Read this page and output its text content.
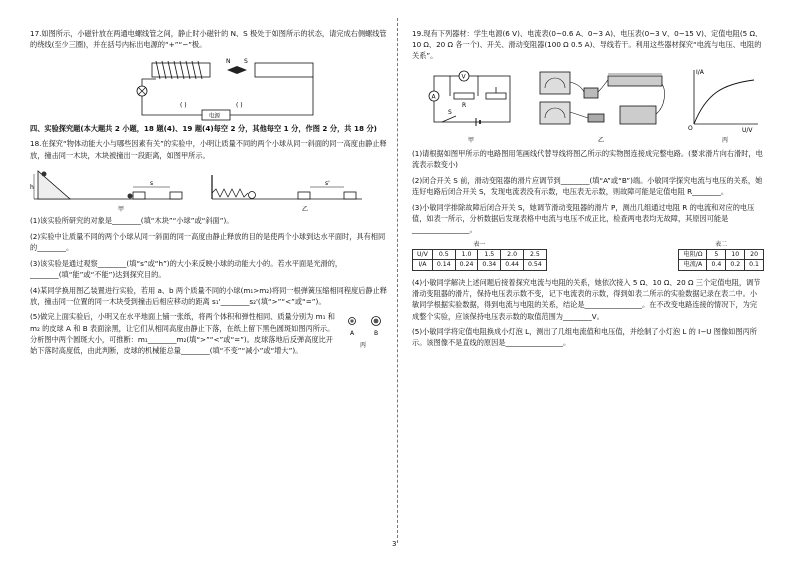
17.如图所示，小磁针放在两通电螺线管之间，静止时小磁针的 N、S 极处于如图所示的状态，请完成右侧螺线管的绕线(至少三圈)，并在括号内标出电源的“+”“−”极。

N S
电源
( )	( )

四、实验探究题(本大题共 2 小题，18 题(4)、19 题(4)每空 2 分，其他每空 1 分，作图 2 分，共 18 分)

18.在探究“物体动能大小与哪些因素有关”的实验中，小明让质量不同的两个小球从同一斜面的同一高度由静止释放，撞击同一木块，木块被撞出一段距离，如图甲所示。

h
s
甲
s'
乙

(1)该实验所研究的对象是________(填“木块”“小球”或“斜面”)。

(2)实验中让质量不同的两个小球从同一斜面的同一高度由静止释放的目的是使两个小球到达水平面时，具有相同的________。

(3)该实验是通过观察________(填“s”或“h”)的大小来反映小球的动能大小的。若水平面是光滑的，________(填“能”或“不能”)达到探究目的。

(4)某同学换用图乙装置进行实验，若用 a、b 两个质量不同的小球(m₁>m₂)将同一根弹簧压缩相同程度后静止释放，撞击同一位置的同一木块受到撞击后相应移动的距离 s₁'________s₂'(填“>”“<”或“=”)。

(5)做完上面实验后，小明又在水平地面上铺一张纸，将两个体积和弹性相同、质量分别为 m₁ 和 m₂ 的皮球 A 和 B 表面涂黑，让它们从相同高度由静止下落，在纸上留下黑色圆斑如图丙所示。分析图中两个圆斑大小，可推断：m₁________m₂(填“>”“<”或“=”)。皮球落地后反弹高度比开始下落时高度低，由此判断，皮球的机械能总量________(填“不变”“减小”或“增大”)。

A	B
丙

19.现有下列器材：学生电源(6 V)、电流表(0~0.6 A、0~3 A)、电压表(0~3 V、0~15 V)、定值电阻(5 Ω、10 Ω、20 Ω 各一个)、开关、滑动变阻器(100 Ω 0.5 A)、导线若干。利用这些器材探究“电流与电压、电阻的关系”。

V
A
R
S
甲	乙
I/A
U/V
O
丙

(1)请根据如图甲所示的电路图用笔画线代替导线将图乙所示的实物图连接成完整电路。(要求滑片向右滑时，电流表示数变小)

(2)闭合开关 S 前，滑动变阻器的滑片应调节到________(填“A”或“B”)端。小敏同学探究电流与电压的关系，她连好电路后闭合开关 S，发现电流表没有示数，电压表无示数，则故障可能是定值电阻 R________。

(3)小敏同学排除故障后闭合开关 S，她调节滑动变阻器的滑片 P，测出几组通过电阻 R 的电流和对应的电压值，如表一所示，分析数据后发现表格中电流与电压不成正比，检查两电表均无故障，其原因可能是________________。

表一
U/V	0.5	1.0	1.5	2.0	2.5
I/A	0.14	0.24	0.34	0.44	0.54
表二
电阻/Ω	5	10	20
电流/A	0.4	0.2	0.1

(4)小敏同学解决上述问题后接着探究电流与电阻的关系，她依次接入 5 Ω、10 Ω、20 Ω 三个定值电阻，调节滑动变阻器的滑片，保持电压表示数不变，记下电流表的示数，得到如表二所示的实验数据记录在表二中。小敏同学根据实验数据，得到电流与电阻的关系，结论是________________。在不改变电路连接的情况下，为完成整个实验，应该保持电压表示数的取值范围为________V。

(5)小敏同学将定值电阻换成小灯泡 L，测出了几组电流值和电压值，并绘制了小灯泡 L 的 I−U 图像如图丙所示。该图像不是直线的原因是________________。

3
